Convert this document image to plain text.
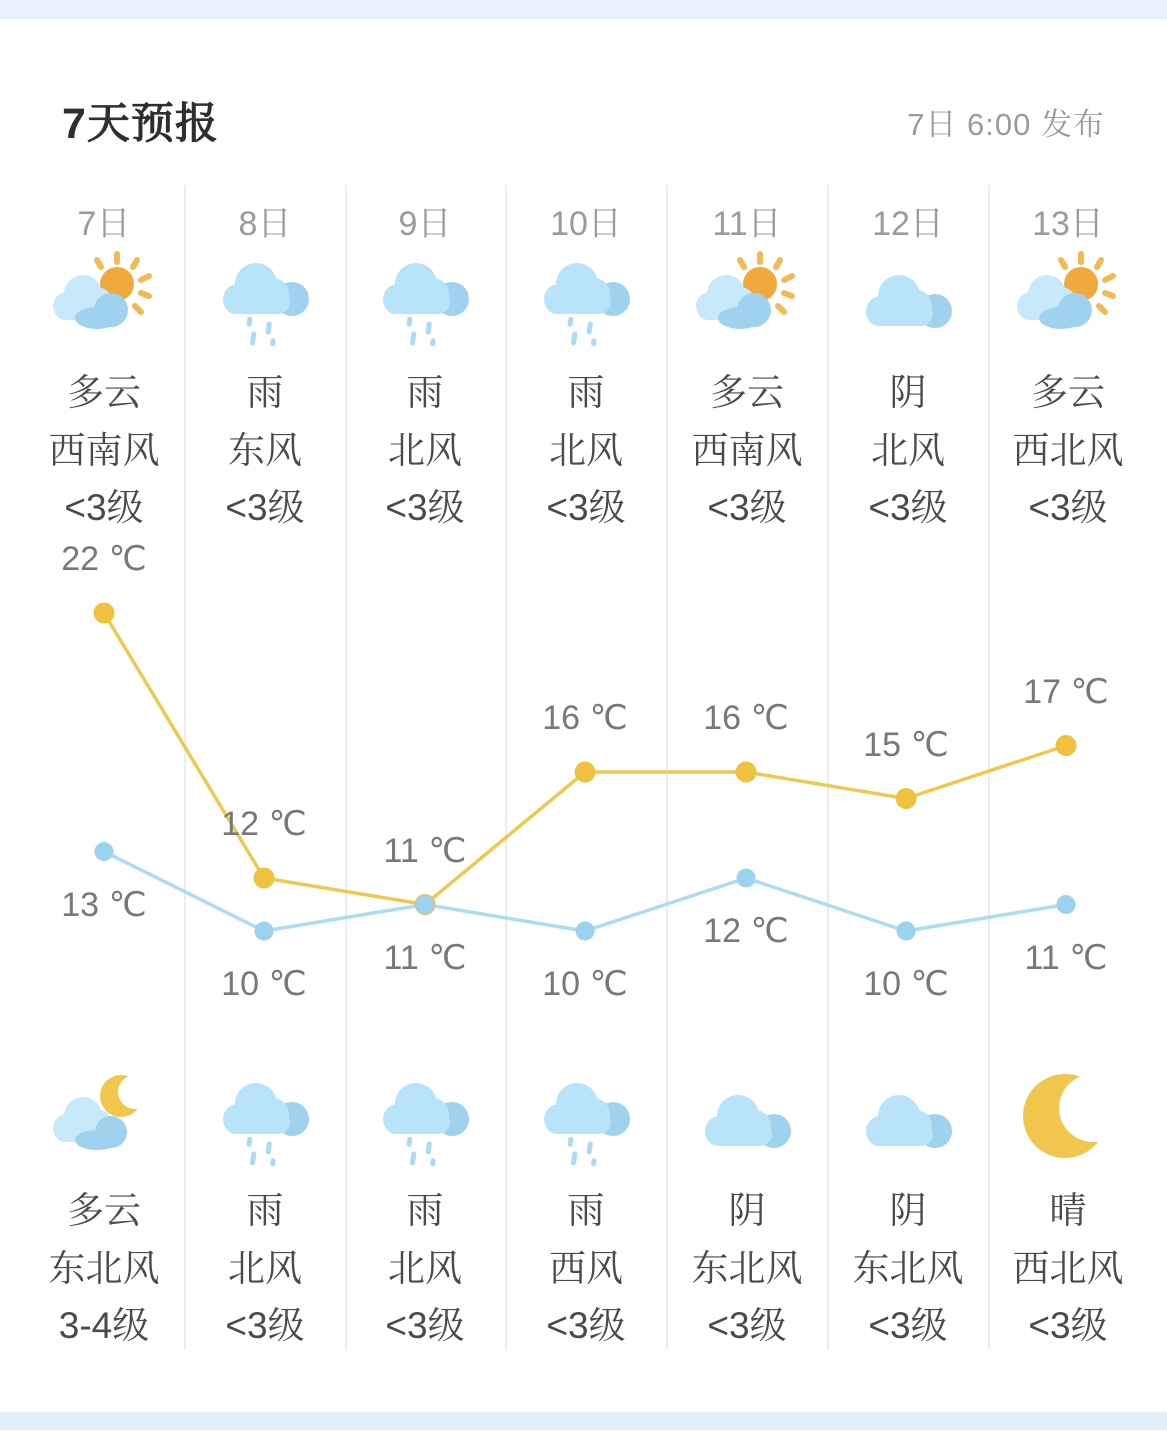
7天预报	7日 6:00 发布
7日
多云
西南风
<3级
多云
东北风
3-4级
8日
雨
东风
<3级
雨
北风
<3级
9日
雨
北风
<3级
雨
北风
<3级
10日
雨
北风
<3级
雨
西风
<3级
11日
多云
西南风
<3级
阴
东北风
<3级
12日
阴
北风
<3级
阴
东北风
<3级
13日
多云
西北风
<3级
晴
西北风
<3级
22 ℃
12 ℃
11 ℃
16 ℃	16 ℃
15 ℃
17 ℃
13 ℃
10 ℃
11 ℃
10 ℃
12 ℃
10 ℃
11 ℃
